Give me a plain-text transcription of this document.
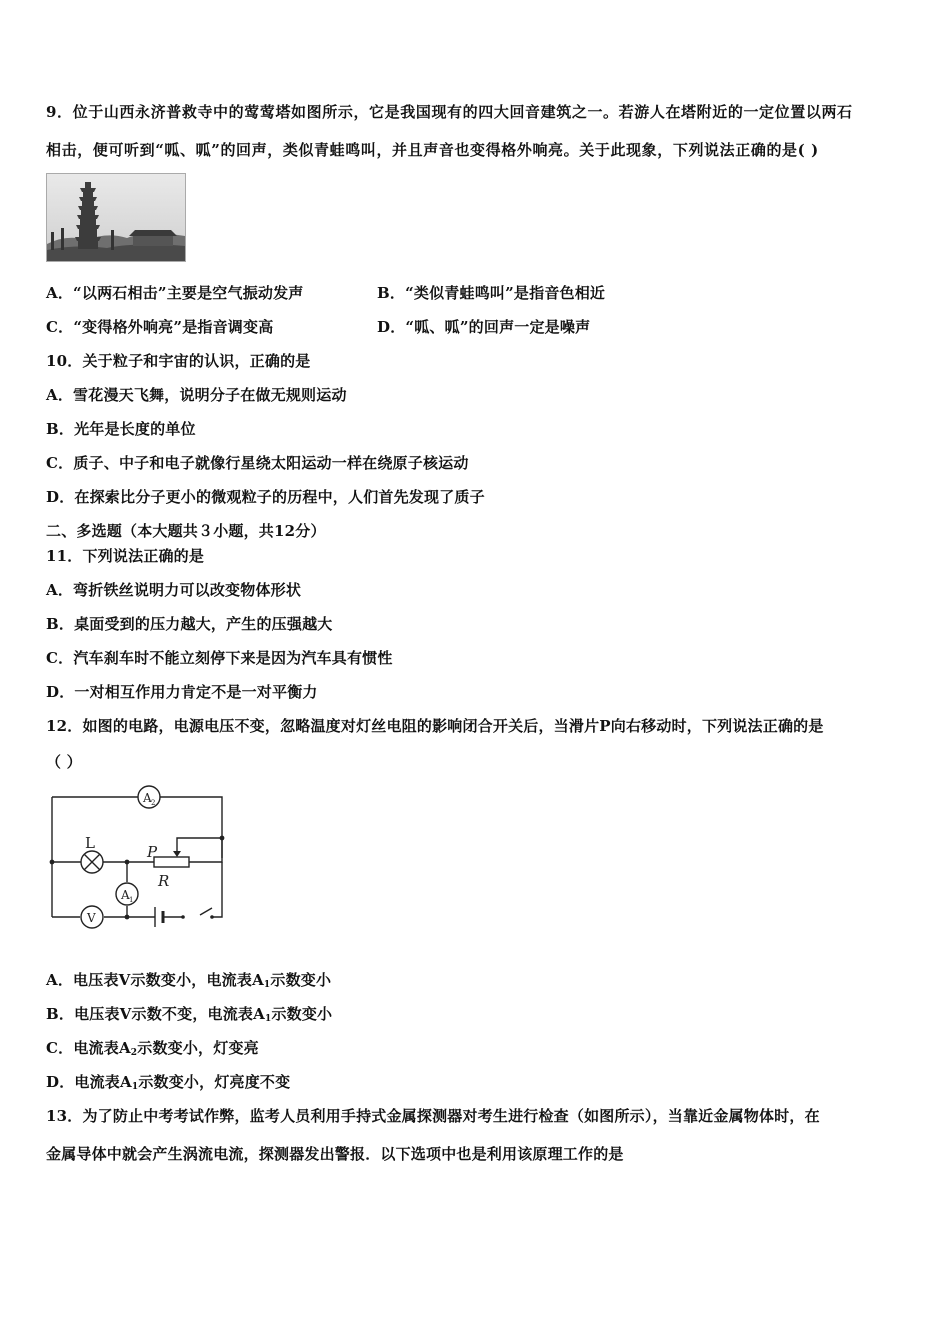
9．位于山西永济普救寺中的莺莺塔如图所示，它是我国现有的四大回音建筑之一。若游人在塔附近的一定位置以两石
相击，便可听到“呱、呱”的回声，类似青蛙鸣叫，并且声音也变得格外响亮。关于此现象，下列说法正确的是( )
A．“以两石相击”主要是空气振动发声	B．“类似青蛙鸣叫”是指音色相近
C．“变得格外响亮”是指音调变高	D．“呱、呱”的回声一定是噪声
10．关于粒子和宇宙的认识，正确的是
A．雪花漫天飞舞，说明分子在做无规则运动
B．光年是长度的单位
C．质子、中子和电子就像行星绕太阳运动一样在绕原子核运动
D．在探索比分子更小的微观粒子的历程中，人们首先发现了质子
二、多选题（本大题共３小题，共12分）
11．下列说法正确的是
A．弯折铁丝说明力可以改变物体形状
B．桌面受到的压力越大，产生的压强越大
C．汽车刹车时不能立刻停下来是因为汽车具有惯性
D．一对相互作用力肯定不是一对平衡力
12．如图的电路，电源电压不变，忽略温度对灯丝电阻的影响闭合开关后，当滑片P向右移动时，下列说法正确的是
（ ）
A 2
L	P
R
A 1
V
A．电压表V示数变小，电流表$A_1$示数变小
B．电压表V示数不变，电流表$A_1$示数变小
C．电流表$A_2$示数变小，灯变亮
D．电流表$A_1$示数变小，灯亮度不变
13．为了防止中考考试作弊，监考人员利用手持式金属探测器对考生进行检查（如图所示），当靠近金属物体时，在
金属导体中就会产生涡流电流，探测器发出警报．以下选项中也是利用该原理工作的是
